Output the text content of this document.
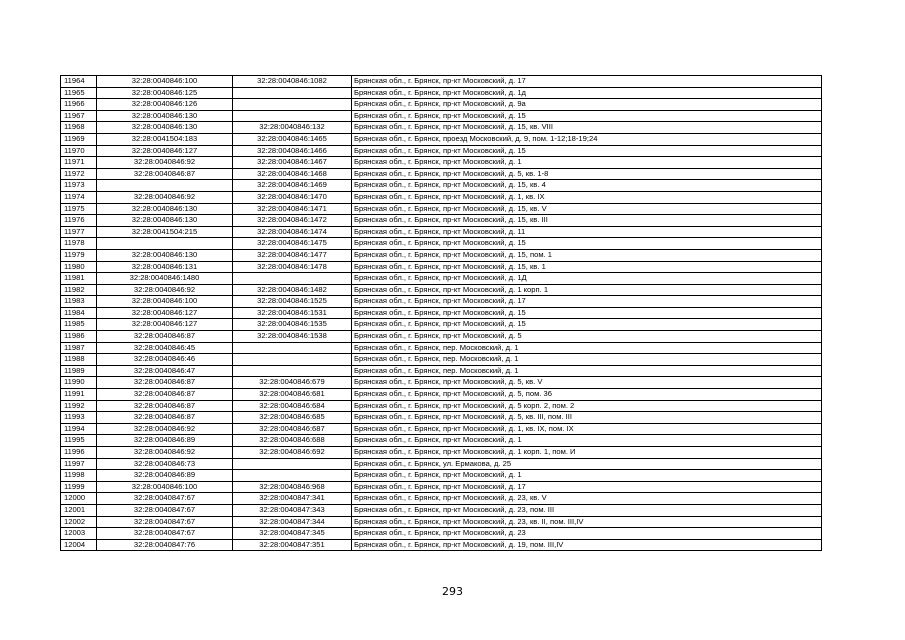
11964	32:28:0040846:100	32:28:0040846:1082	Брянская обл., г. Брянск, пр-кт Московский, д. 17
11965	32:28:0040846:125		Брянская обл., г. Брянск, пр-кт Московский, д. 1д
11966	32:28:0040846:126		Брянская обл., г. Брянск, пр-кт Московский, д. 9а
11967	32:28:0040846:130		Брянская обл., г. Брянск, пр-кт Московский, д. 15
11968	32:28:0040846:130	32:28:0040846:132	Брянская обл., г. Брянск, пр-кт Московский, д. 15, кв. VIII
11969	32:28:0041504:183	32:28:0040846:1465	Брянская обл., г. Брянск, проезд Московский, д. 9, пом. 1-12;18-19;24
11970	32:28:0040846:127	32:28:0040846:1466	Брянская обл., г. Брянск, пр-кт Московский, д. 15
11971	32:28:0040846:92	32:28:0040846:1467	Брянская обл., г. Брянск, пр-кт Московский, д. 1
11972	32:28:0040846:87	32:28:0040846:1468	Брянская обл., г. Брянск, пр-кт Московский, д. 5, кв. 1-8
11973		32:28:0040846:1469	Брянская обл., г. Брянск, пр-кт Московский, д. 15, кв. 4
11974	32:28:0040846:92	32:28:0040846:1470	Брянская обл., г. Брянск, пр-кт Московский, д. 1, кв. IX
11975	32:28:0040846:130	32:28:0040846:1471	Брянская обл., г. Брянск, пр-кт Московский, д. 15, кв. V
11976	32:28:0040846:130	32:28:0040846:1472	Брянская обл., г. Брянск, пр-кт Московский, д. 15, кв. III
11977	32:28:0041504:215	32:28:0040846:1474	Брянская обл., г. Брянск, пр-кт Московский, д. 11
11978		32:28:0040846:1475	Брянская обл., г. Брянск, пр-кт Московский, д. 15
11979	32:28:0040846:130	32:28:0040846:1477	Брянская обл., г. Брянск, пр-кт Московский, д. 15, пом. 1
11980	32:28:0040846:131	32:28:0040846:1478	Брянская обл., г. Брянск, пр-кт Московский, д. 15, кв. 1
11981	32:28:0040846:1480		Брянская обл., г. Брянск, пр-кт Московский, д. 1Д
11982	32:28:0040846:92	32:28:0040846:1482	Брянская обл., г. Брянск, пр-кт Московский, д. 1 корп. 1
11983	32:28:0040846:100	32:28:0040846:1525	Брянская обл., г. Брянск, пр-кт Московский, д. 17
11984	32:28:0040846:127	32:28:0040846:1531	Брянская обл., г. Брянск, пр-кт Московский, д. 15
11985	32:28:0040846:127	32:28:0040846:1535	Брянская обл., г. Брянск, пр-кт Московский, д. 15
11986	32:28:0040846:87	32:28:0040846:1538	Брянская обл., г. Брянск, пр-кт Московский, д. 5
11987	32:28:0040846:45		Брянская обл., г. Брянск, пер. Московский, д. 1
11988	32:28:0040846:46		Брянская обл., г. Брянск, пер. Московский, д. 1
11989	32:28:0040846:47		Брянская обл., г. Брянск, пер. Московский, д. 1
11990	32:28:0040846:87	32:28:0040846:679	Брянская обл., г. Брянск, пр-кт Московский, д. 5, кв. V
11991	32:28:0040846:87	32:28:0040846:681	Брянская обл., г. Брянск, пр-кт Московский, д. 5, пом. 36
11992	32:28:0040846:87	32:28:0040846:684	Брянская обл., г. Брянск, пр-кт Московский, д. 5 корп. 2, пом. 2
11993	32:28:0040846:87	32:28:0040846:685	Брянская обл., г. Брянск, пр-кт Московский, д. 5, кв. III, пом. III
11994	32:28:0040846:92	32:28:0040846:687	Брянская обл., г. Брянск, пр-кт Московский, д. 1, кв. IX, пом. IX
11995	32:28:0040846:89	32:28:0040846:688	Брянская обл., г. Брянск, пр-кт Московский, д. 1
11996	32:28:0040846:92	32:28:0040846:692	Брянская обл., г. Брянск, пр-кт Московский, д. 1 корп. 1, пом. И
11997	32:28:0040846:73		Брянская обл., г. Брянск, ул. Ермакова, д. 25
11998	32:28:0040846:89		Брянская обл., г. Брянск, пр-кт Московский, д. 1
11999	32:28:0040846:100	32:28:0040846:968	Брянская обл., г. Брянск, пр-кт Московский, д. 17
12000	32:28:0040847:67	32:28:0040847:341	Брянская обл., г. Брянск, пр-кт Московский, д. 23, кв. V
12001	32:28:0040847:67	32:28:0040847:343	Брянская обл., г. Брянск, пр-кт Московский, д. 23, пом. III
12002	32:28:0040847:67	32:28:0040847:344	Брянская обл., г. Брянск, пр-кт Московский, д. 23, кв. II, пом. III,IV
12003	32:28:0040847:67	32:28:0040847:345	Брянская обл., г. Брянск, пр-кт Московский, д. 23
12004	32:28:0040847:76	32:28:0040847:351	Брянская обл., г. Брянск, пр-кт Московский, д. 19, пом. III,IV
293
